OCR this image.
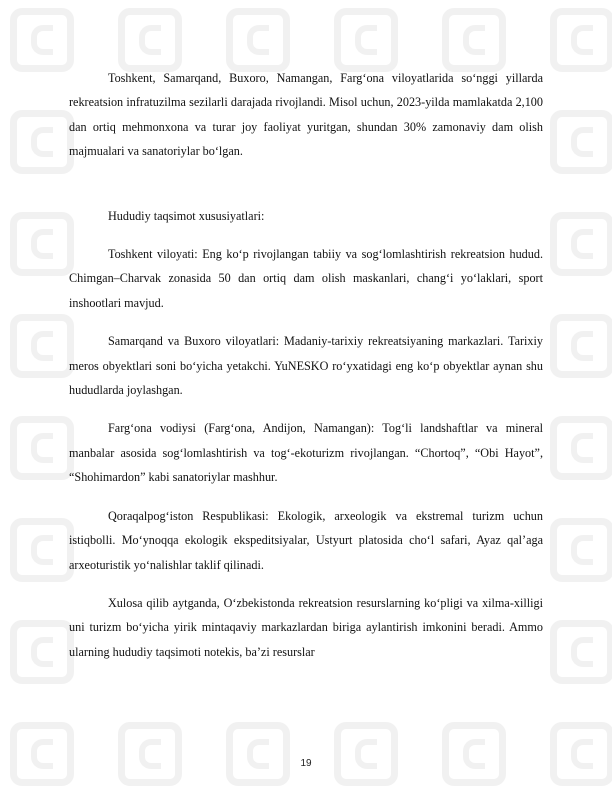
Toshkent, Samarqand, Buxoro, Namangan, Farg‘ona viloyatlarida so‘nggi yillarda rekreatsion infratuzilma sezilarli darajada rivojlandi. Misol uchun, 2023-yilda mamlakatda 2,100 dan ortiq mehmonxona va turar joy faoliyat yuritgan, shundan 30% zamonaviy dam olish majmualari va sanatoriylar bo‘lgan.

Hududiy taqsimot xususiyatlari:

Toshkent viloyati: Eng ko‘p rivojlangan tabiiy va sog‘lomlashtirish rekreatsion hudud. Chimgan–Charvak zonasida 50 dan ortiq dam olish maskanlari, chang‘i yo‘laklari, sport inshootlari mavjud.

Samarqand va Buxoro viloyatlari: Madaniy-tarixiy rekreatsiyaning markazlari. Tarixiy meros obyektlari soni bo‘yicha yetakchi. YuNESKO ro‘yxatidagi eng ko‘p obyektlar aynan shu hududlarda joylashgan.

Farg‘ona vodiysi (Farg‘ona, Andijon, Namangan): Tog‘li landshaftlar va mineral manbalar asosida sog‘lomlashtirish va tog‘-ekoturizm rivojlangan. “Chortoq”, “Obi Hayot”, “Shohimardon” kabi sanatoriylar mashhur.

Qoraqalpog‘iston Respublikasi: Ekologik, arxeologik va ekstremal turizm uchun istiqbolli. Mo‘ynoqqa ekologik ekspeditsiyalar, Ustyurt platosida cho‘l safari, Ayaz qal’aga arxeoturistik yo‘nalishlar taklif qilinadi.

Xulosa qilib aytganda, O‘zbekistonda rekreatsion resurslarning ko‘pligi va xilma-xilligi uni turizm bo‘yicha yirik mintaqaviy markazlardan biriga aylantirish imkonini beradi. Ammo ularning hududiy taqsimoti notekis, ba’zi resurslar

19
